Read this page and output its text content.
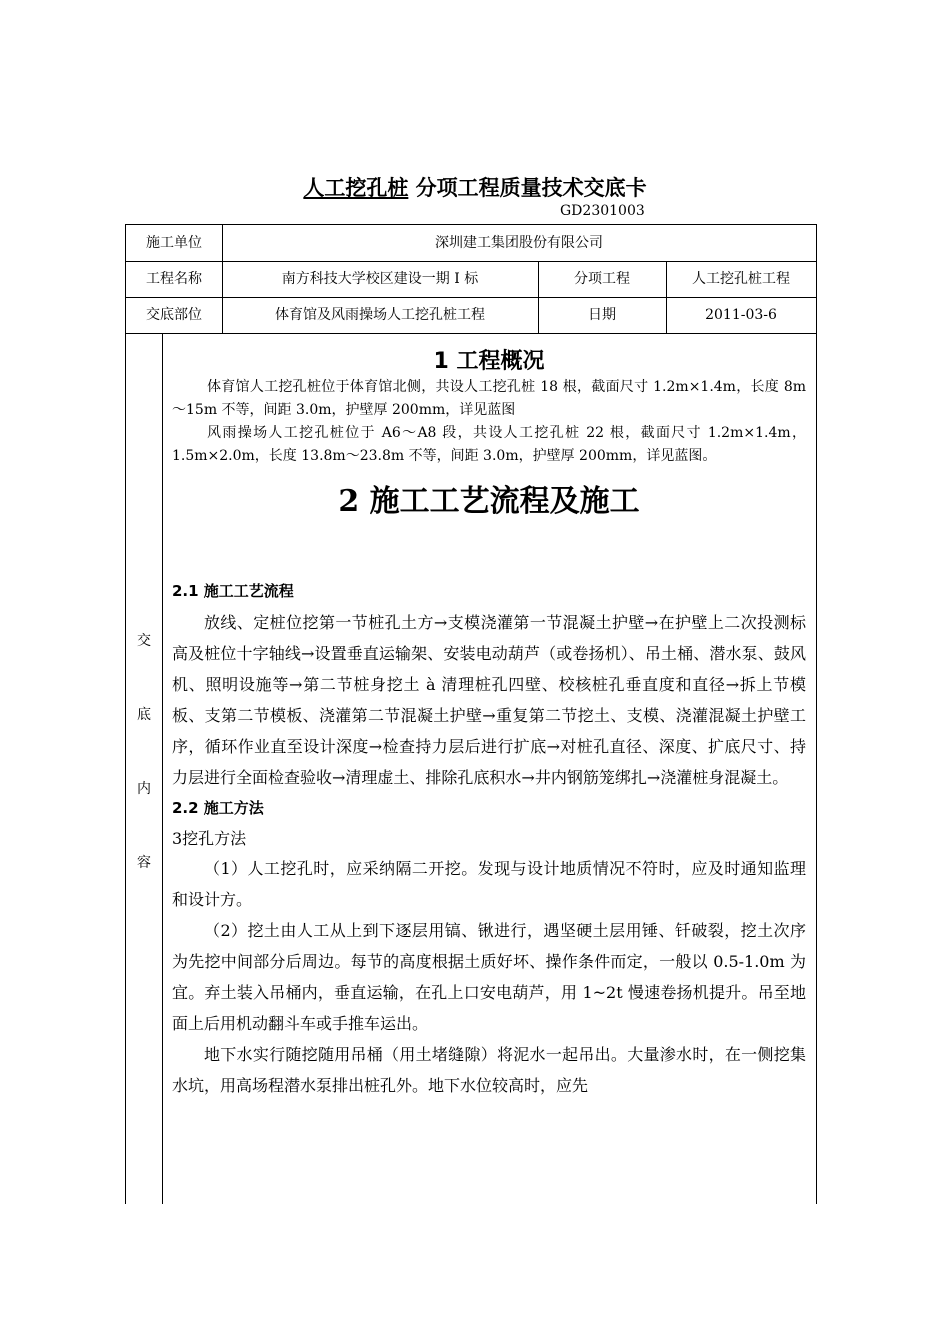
人工挖孔桩 分项工程质量技术交底卡
GD2301003
施工单位	深圳建工集团股份有限公司
工程名称	南方科技大学校区建设一期 I 标	分项工程	人工挖孔桩工程
交底部位	体育馆及风雨操场人工挖孔桩工程	日期	2011-03-6
交
底
内
容
1 工程概况

体育馆人工挖孔桩位于体育馆北侧，共设人工挖孔桩 18 根，截面尺寸 1.2m×1.4m，长度 8m～15m 不等，间距 3.0m，护壁厚 200mm，详见蓝图

风雨操场人工挖孔桩位于 A6～A8 段，共设人工挖孔桩 22 根，截面尺寸 1.2m×1.4m，1.5m×2.0m，长度 13.8m～23.8m 不等，间距 3.0m，护壁厚 200mm，详见蓝图。

2 施工工艺流程及施工
2.1 施工工艺流程

放线、定桩位挖第一节桩孔土方→支模浇灌第一节混凝土护壁→在护壁上二次投测标高及桩位十字轴线→设置垂直运输架、安装电动葫芦（或卷扬机）、吊土桶、潜水泵、鼓风机、照明设施等→第二节桩身挖土 à 清理桩孔四壁、校核桩孔垂直度和直径→拆上节模板、支第二节模板、浇灌第二节混凝土护壁→重复第二节挖土、支模、浇灌混凝土护壁工序，循环作业直至设计深度→检查持力层后进行扩底→对桩孔直径、深度、扩底尺寸、持力层进行全面检查验收→清理虚土、排除孔底积水→井内钢筋笼绑扎→浇灌桩身混凝土。

2.2 施工方法

3挖孔方法

（1）人工挖孔时，应采纳隔二开挖。发现与设计地质情况不符时，应及时通知监理和设计方。

（2）挖土由人工从上到下逐层用镐、锹进行，遇坚硬土层用锤、钎破裂，挖土次序为先挖中间部分后周边。每节的高度根据土质好坏、操作条件而定，一般以 0.5-1.0m 为宜。弃土装入吊桶内，垂直运输，在孔上口安电葫芦，用 1~2t 慢速卷扬机提升。吊至地面上后用机动翻斗车或手推车运出。

地下水实行随挖随用吊桶（用土堵缝隙）将泥水一起吊出。大量渗水时，在一侧挖集水坑，用高场程潜水泵排出桩孔外。地下水位较高时，应先
